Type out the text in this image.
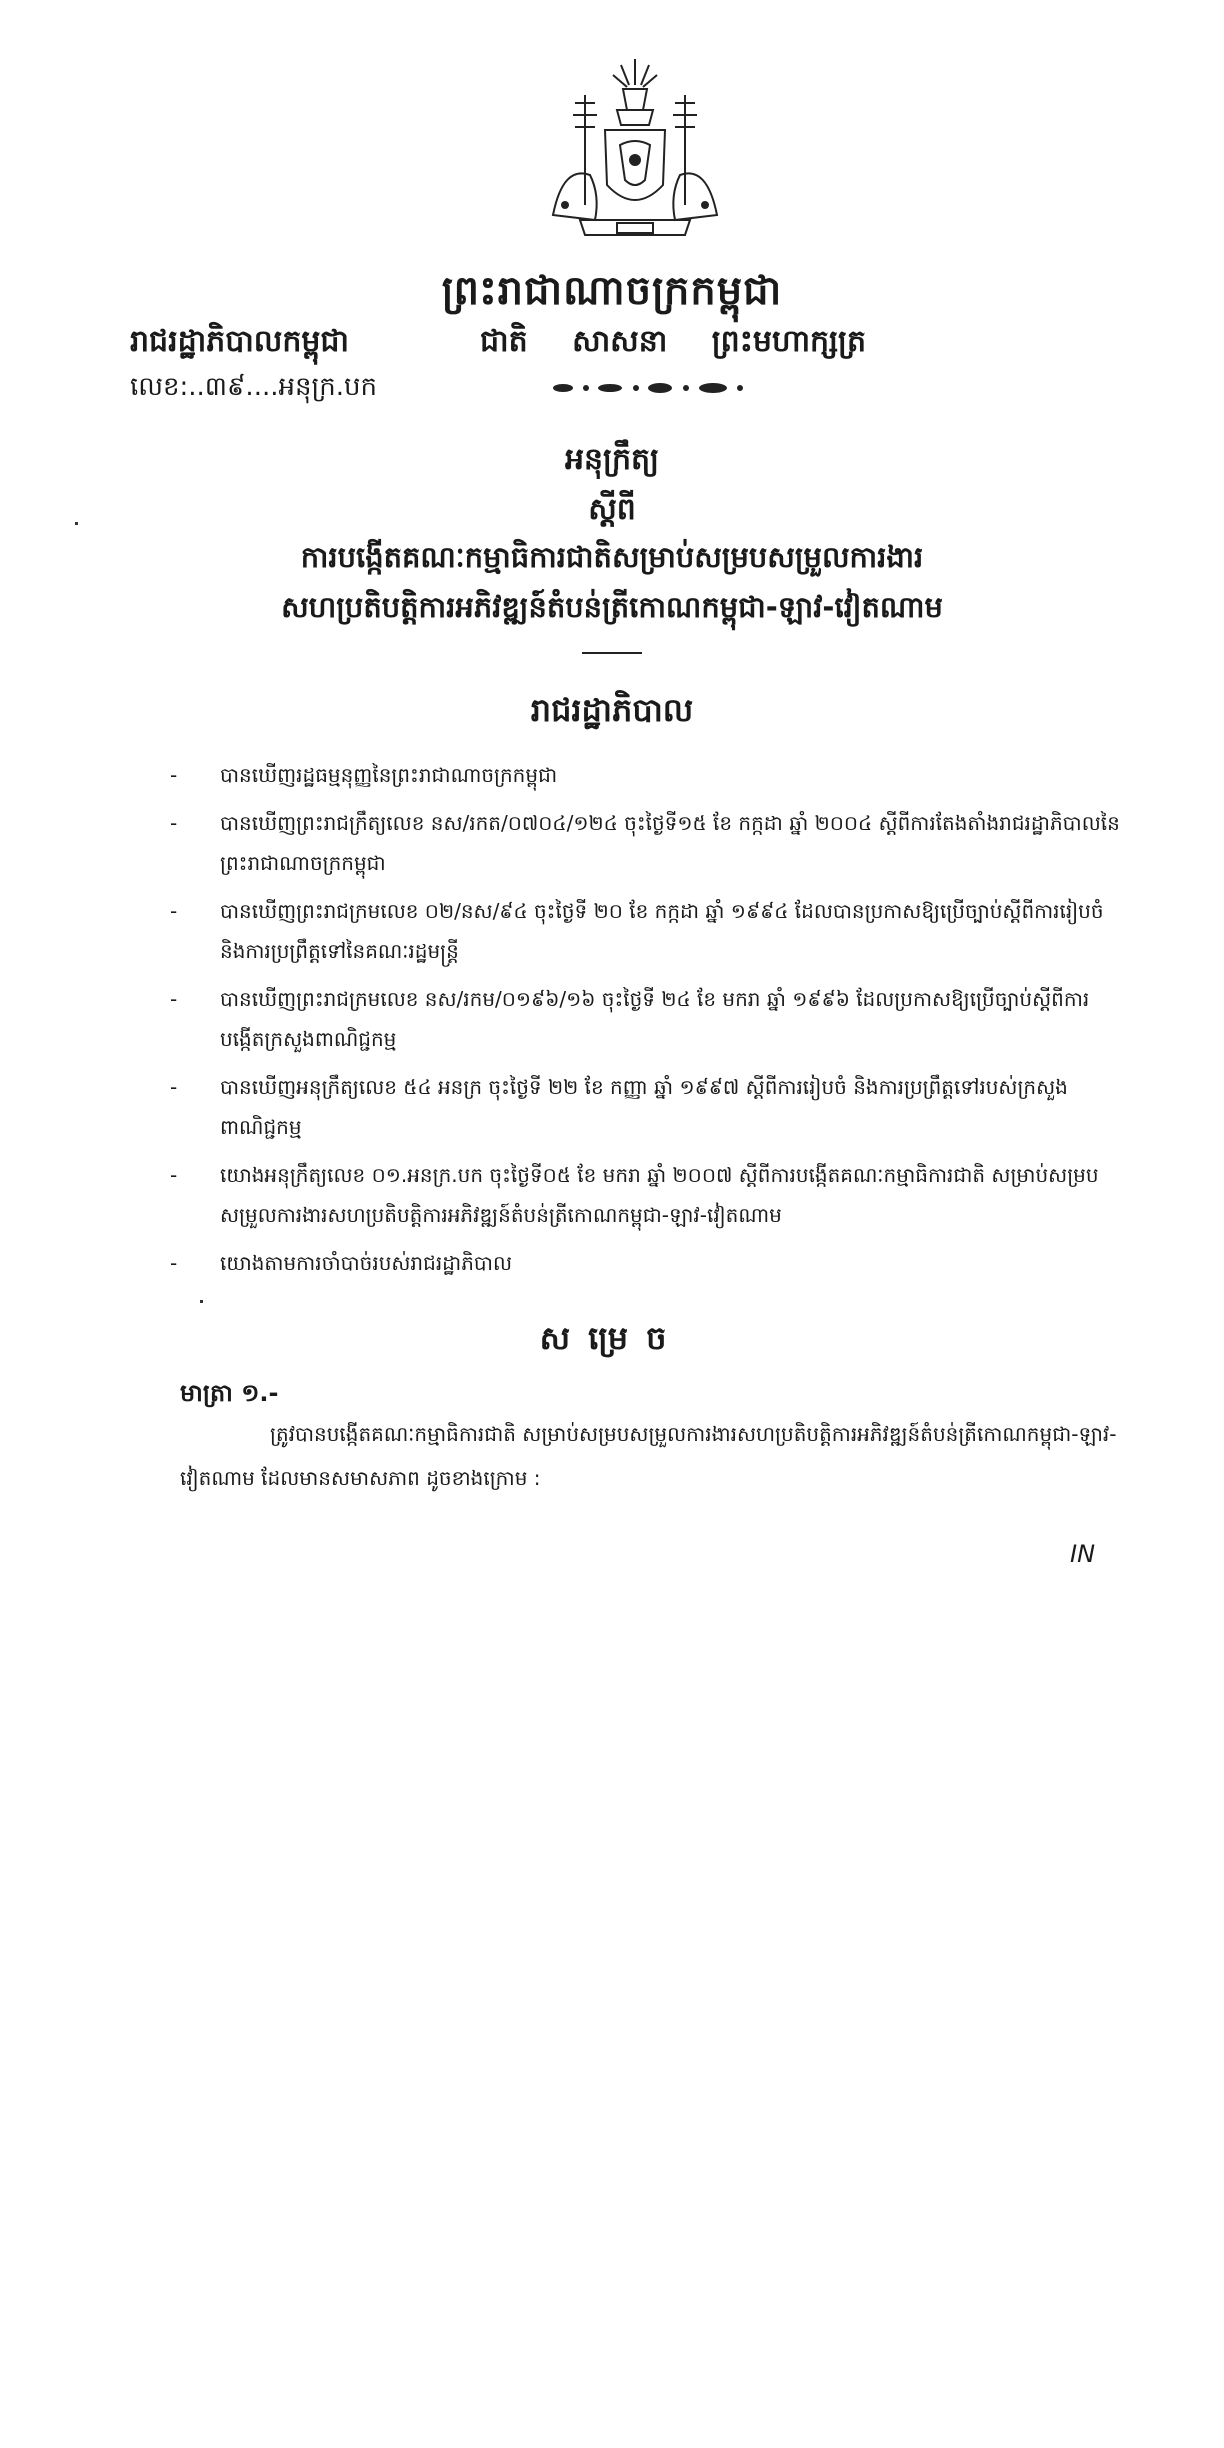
ព្រះរាជាណាចក្រកម្ពុជា
រាជរដ្ឋាភិបាលកម្ពុជា	ជាតិ សាសនា ព្រះមហាក្សត្រ
លេខ:..៣៩....អនុក្រ.បក
អនុក្រឹត្យ
ស្តីពី
ការបង្កើតគណៈកម្មាធិការជាតិសម្រាប់សម្របសម្រួលការងារ
សហប្រតិបត្តិការអភិវឌ្ឍន៍តំបន់ត្រីកោណកម្ពុជា-ឡាវ-វៀតណាម
រាជរដ្ឋាភិបាល
- បានឃើញរដ្ឋធម្មនុញ្ញនៃព្រះរាជាណាចក្រកម្ពុជា
- បានឃើញព្រះរាជក្រឹត្យលេខ នស/រកត/០៧០៤/១២៤ ចុះថ្ងៃទី១៥ ខែ កក្កដា ឆ្នាំ ២០០៤ ស្តីពីការតែងតាំងរាជរដ្ឋាភិបាលនៃព្រះរាជាណាចក្រកម្ពុជា
- បានឃើញព្រះរាជក្រមលេខ ០២/នស/៩៤ ចុះថ្ងៃទី ២០ ខែ កក្កដា ឆ្នាំ ១៩៩៤ ដែលបានប្រកាសឱ្យប្រើច្បាប់ស្តីពីការរៀបចំ និងការប្រព្រឹត្តទៅនៃគណៈរដ្ឋមន្ត្រី
- បានឃើញព្រះរាជក្រមលេខ នស/រកម/០១៩៦/១៦ ចុះថ្ងៃទី ២៤ ខែ មករា ឆ្នាំ ១៩៩៦ ដែលប្រកាសឱ្យប្រើច្បាប់ស្តីពីការបង្កើតក្រសួងពាណិជ្ជកម្ម
- បានឃើញអនុក្រឹត្យលេខ ៥៤ អនក្រ ចុះថ្ងៃទី ២២ ខែ កញ្ញា ឆ្នាំ ១៩៩៧ ស្តីពីការរៀបចំ និងការប្រព្រឹត្តទៅរបស់ក្រសួងពាណិជ្ជកម្ម
- យោងអនុក្រឹត្យលេខ ០១.អនក្រ.បក ចុះថ្ងៃទី០៥ ខែ មករា ឆ្នាំ ២០០៧ ស្តីពីការបង្កើតគណៈកម្មាធិការជាតិ សម្រាប់សម្របសម្រួលការងារសហប្រតិបត្តិការអភិវឌ្ឍន៍តំបន់ត្រីកោណកម្ពុជា-ឡាវ-វៀតណាម
- យោងតាមការចាំបាច់របស់រាជរដ្ឋាភិបាល
សម្រេច
មាត្រា ១.-
ត្រូវបានបង្កើតគណៈកម្មាធិការជាតិ សម្រាប់សម្របសម្រួលការងារសហប្រតិបត្តិការអភិវឌ្ឍន៍តំបន់ត្រីកោណកម្ពុជា-ឡាវ- វៀតណាម ដែលមានសមាសភាព ដូចខាងក្រោម :
IN
